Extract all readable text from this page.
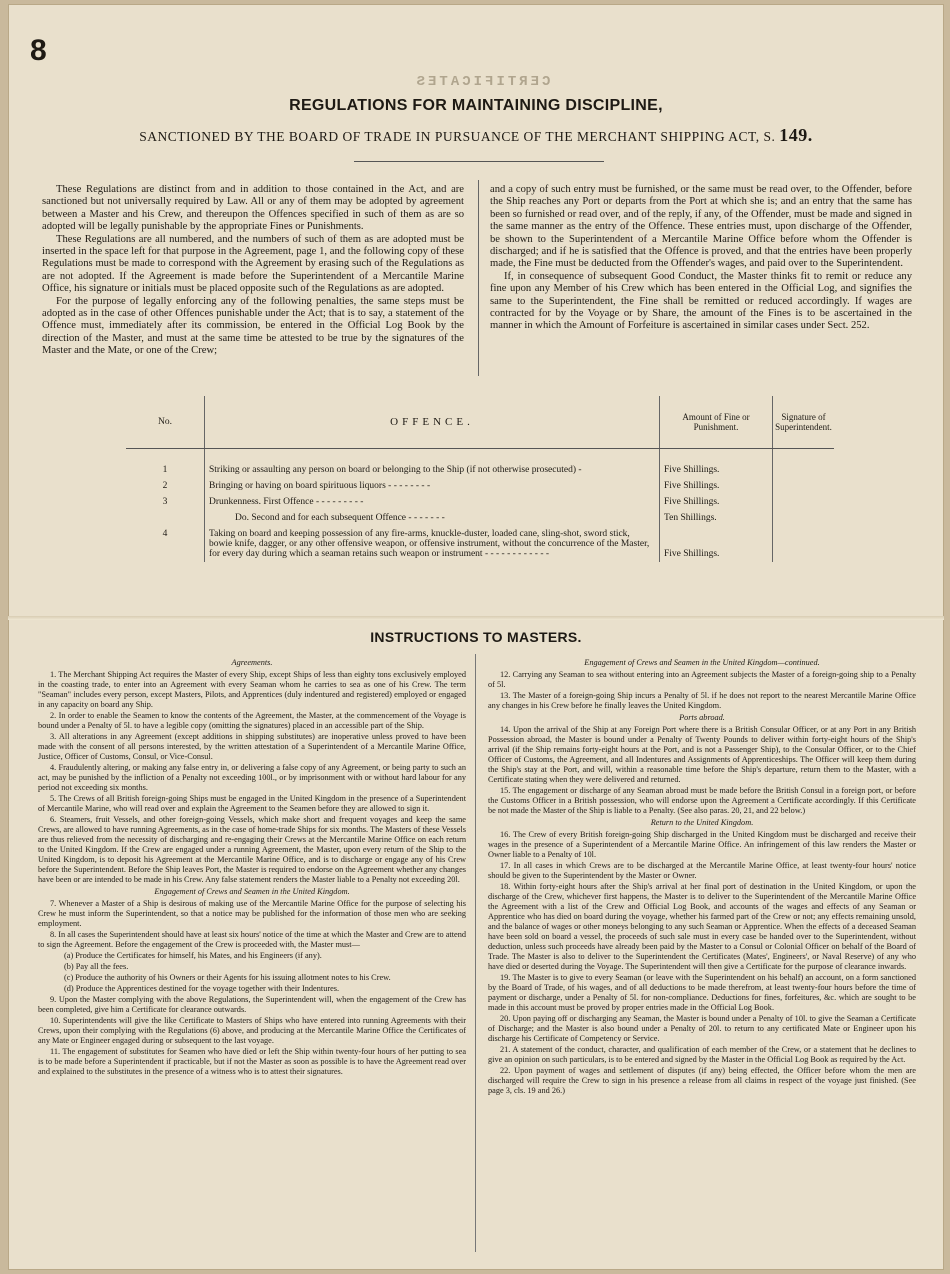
8
CERTIFICATES
REGULATIONS FOR MAINTAINING DISCIPLINE,
SANCTIONED BY THE BOARD OF TRADE IN PURSUANCE OF THE MERCHANT SHIPPING ACT, S. 149.

These Regulations are distinct from and in addition to those contained in the Act, and are sanctioned but not universally required by Law. All or any of them may be adopted by agreement between a Master and his Crew, and thereupon the Offences specified in such of them as are so adopted will be legally punishable by the appropriate Fines or Punishments.

These Regulations are all numbered, and the numbers of such of them as are adopted must be inserted in the space left for that purpose in the Agreement, page 1, and the following copy of these Regulations must be made to correspond with the Agreement by erasing such of the Regulations as are not adopted. If the Agreement is made before the Superintendent of a Mercantile Marine Office, his signature or initials must be placed opposite such of the Regulations as are adopted.

For the purpose of legally enforcing any of the following penalties, the same steps must be adopted as in the case of other Offences punishable under the Act; that is to say, a statement of the Offence must, immediately after its commission, be entered in the Official Log Book by the direction of the Master, and must at the same time be attested to be true by the signatures of the Master and the Mate, or one of the Crew;

and a copy of such entry must be furnished, or the same must be read over, to the Offender, before the Ship reaches any Port or departs from the Port at which she is; and an entry that the same has been so furnished or read over, and of the reply, if any, of the Offender, must be made and signed in the same manner as the entry of the Offence. These entries must, upon discharge of the Offender, be shown to the Superintendent of a Mercantile Marine Office before whom the Offender is discharged; and if he is satisfied that the Offence is proved, and that the entries have been properly made, the Fine must be deducted from the Offender's wages, and paid over to the Superintendent.

If, in consequence of subsequent Good Conduct, the Master thinks fit to remit or reduce any fine upon any Member of his Crew which has been entered in the Official Log, and signifies the same to the Superintendent, the Fine shall be remitted or reduced accordingly. If wages are contracted for by the Voyage or by Share, the amount of the Fines is to be ascertained in the manner in which the Amount of Forfeiture is ascertained in similar cases under Sect. 252.

No.	OFFENCE.	Amount of Fine or Punishment.	Signature of Superintendent.
1	Striking or assaulting any person on board or belonging to the Ship (if not otherwise prosecuted) -	Five Shillings.	
2	Bringing or having on board spirituous liquors - - - - - - - -	Five Shillings.	
3	Drunkenness. First Offence - - - - - - - - -	Five Shillings.	
	Do. Second and for each subsequent Offence - - - - - - -	Ten Shillings.	
4	Taking on board and keeping possession of any fire-arms, knuckle-duster, loaded cane, sling-shot, sword stick, bowie knife, dagger, or any other offensive weapon, or offensive instrument, without the concurrence of the Master, for every day during which a seaman retains such weapon or instrument - - - - - - - - - - - -	Five Shillings.	
INSTRUCTIONS TO MASTERS.

Agreements.

1. The Merchant Shipping Act requires the Master of every Ship, except Ships of less than eighty tons exclusively employed in the coasting trade, to enter into an Agreement with every Seaman whom he carries to sea as one of his Crew. The term "Seaman" includes every person, except Masters, Pilots, and Apprentices (duly indentured and registered) employed or engaged in any capacity on board any Ship.

2. In order to enable the Seamen to know the contents of the Agreement, the Master, at the commencement of the Voyage is bound under a Penalty of 5l. to have a legible copy (omitting the signatures) placed in an accessible part of the Ship.

3. All alterations in any Agreement (except additions in shipping substitutes) are inoperative unless proved to have been made with the consent of all persons interested, by the written attestation of a Superintendent of a Mercantile Marine Office, Justice, Officer of Customs, Consul, or Vice-Consul.

4. Fraudulently altering, or making any false entry in, or delivering a false copy of any Agreement, or being party to such an act, may be punished by the infliction of a Penalty not exceeding 100l., or by imprisonment with or without hard labour for any period not exceeding six months.

5. The Crews of all British foreign-going Ships must be engaged in the United Kingdom in the presence of a Superintendent of Mercantile Marine, who will read over and explain the Agreement to the Seamen before they are allowed to sign it.

6. Steamers, fruit Vessels, and other foreign-going Vessels, which make short and frequent voyages and keep the same Crews, are allowed to have running Agreements, as in the case of home-trade Ships for six months. The Masters of these Vessels are thus relieved from the necessity of discharging and re-engaging their Crews at the Mercantile Marine Office on each return to the United Kingdom. If the Crew are engaged under a running Agreement, the Master, upon every return of the Ship to the United Kingdom, is to deposit his Agreement at the Mercantile Marine Office, and is to discharge or engage any of his Crew before the Superintendent. Before the Ship leaves Port, the Master is required to endorse on the Agreement whether any changes have been or are intended to be made in his Crew. Any false statement renders the Master liable to a Penalty not exceeding 20l.

Engagement of Crews and Seamen in the United Kingdom.

7. Whenever a Master of a Ship is desirous of making use of the Mercantile Marine Office for the purpose of selecting his Crew he must inform the Superintendent, so that a notice may be published for the information of those men who are seeking employment.

8. In all cases the Superintendent should have at least six hours' notice of the time at which the Master and Crew are to attend to sign the Agreement. Before the engagement of the Crew is proceeded with, the Master must—

(a) Produce the Certificates for himself, his Mates, and his Engineers (if any).

(b) Pay all the fees.

(c) Produce the authority of his Owners or their Agents for his issuing allotment notes to his Crew.

(d) Produce the Apprentices destined for the voyage together with their Indentures.

9. Upon the Master complying with the above Regulations, the Superintendent will, when the engagement of the Crew has been completed, give him a Certificate for clearance outwards.

10. Superintendents will give the like Certificate to Masters of Ships who have entered into running Agreements with their Crews, upon their complying with the Regulations (6) above, and producing at the Mercantile Marine Office the Certificates of any Mate or Engineer engaged during or subsequent to the last voyage.

11. The engagement of substitutes for Seamen who have died or left the Ship within twenty-four hours of her putting to sea is to be made before a Superintendent if practicable, but if not the Master as soon as possible is to have the Agreement read over and explained to the substitutes in the presence of a witness who is to attest their signatures.

Engagement of Crews and Seamen in the United Kingdom—continued.

12. Carrying any Seaman to sea without entering into an Agreement subjects the Master of a foreign-going ship to a Penalty of 5l.

13. The Master of a foreign-going Ship incurs a Penalty of 5l. if he does not report to the nearest Mercantile Marine Office any changes in his Crew before he finally leaves the United Kingdom.

Ports abroad.

14. Upon the arrival of the Ship at any Foreign Port where there is a British Consular Officer, or at any Port in any British Possession abroad, the Master is bound under a Penalty of Twenty Pounds to deliver within forty-eight hours of the Ship's arrival (if the Ship remains forty-eight hours at the Port, and is not a Passenger Ship), to the Consular Officer, or to the Chief Officer of Customs, the Agreement, and all Indentures and Assignments of Apprenticeships. The Officer will keep them during the Ship's stay at the Port, and will, within a reasonable time before the Ship's departure, return them to the Master, with a Certificate stating when they were delivered and returned.

15. The engagement or discharge of any Seaman abroad must be made before the British Consul in a foreign port, or before the Customs Officer in a British possession, who will endorse upon the Agreement a Certificate accordingly. If this Certificate be not made the Master of the Ship is liable to a Penalty. (See also paras. 20, 21, and 22 below.)

Return to the United Kingdom.

16. The Crew of every British foreign-going Ship discharged in the United Kingdom must be discharged and receive their wages in the presence of a Superintendent of a Mercantile Marine Office. An infringement of this law renders the Master or Owner liable to a Penalty of 10l.

17. In all cases in which Crews are to be discharged at the Mercantile Marine Office, at least twenty-four hours' notice should be given to the Superintendent by the Master or Owner.

18. Within forty-eight hours after the Ship's arrival at her final port of destination in the United Kingdom, or upon the discharge of the Crew, whichever first happens, the Master is to deliver to the Superintendent of the Mercantile Marine Office the Agreement with a list of the Crew and Official Log Book, and accounts of the wages and effects of any Seaman or Apprentice who has died on board during the voyage, whether his farmed part of the Crew or not; any effects remaining unsold, and the balance of wages or other moneys belonging to any such Seaman or Apprentice. When the effects of a deceased Seaman have been sold on board a vessel, the proceeds of such sale must in every case be handed over to the Superintendent, without deduction, unless such proceeds have already been paid by the Master to a Consul or Colonial Officer on behalf of the Board of Trade. The Master is also to deliver to the Superintendent the Certificates (Mates', Engineers', or Naval Reserve) of any who have died or deserted during the Voyage. The Superintendent will then give a Certificate for the purpose of clearance inwards.

19. The Master is to give to every Seaman (or leave with the Superintendent on his behalf) an account, on a form sanctioned by the Board of Trade, of his wages, and of all deductions to be made therefrom, at least twenty-four hours before the time of payment or discharge, under a Penalty of 5l. for non-compliance. Deductions for fines, forfeitures, &c. which are sought to be made in this account must be proved by proper entries made in the Official Log Book.

20. Upon paying off or discharging any Seaman, the Master is bound under a Penalty of 10l. to give the Seaman a Certificate of Discharge; and the Master is also bound under a Penalty of 20l. to return to any certificated Mate or Engineer upon his discharge his Certificate of Competency or Service.

21. A statement of the conduct, character, and qualification of each member of the Crew, or a statement that he declines to give an opinion on such particulars, is to be entered and signed by the Master in the Official Log Book as required by the Act.

22. Upon payment of wages and settlement of disputes (if any) being effected, the Officer before whom the men are discharged will require the Crew to sign in his presence a release from all claims in respect of the voyage just finished. (See page 3, cls. 19 and 26.)
